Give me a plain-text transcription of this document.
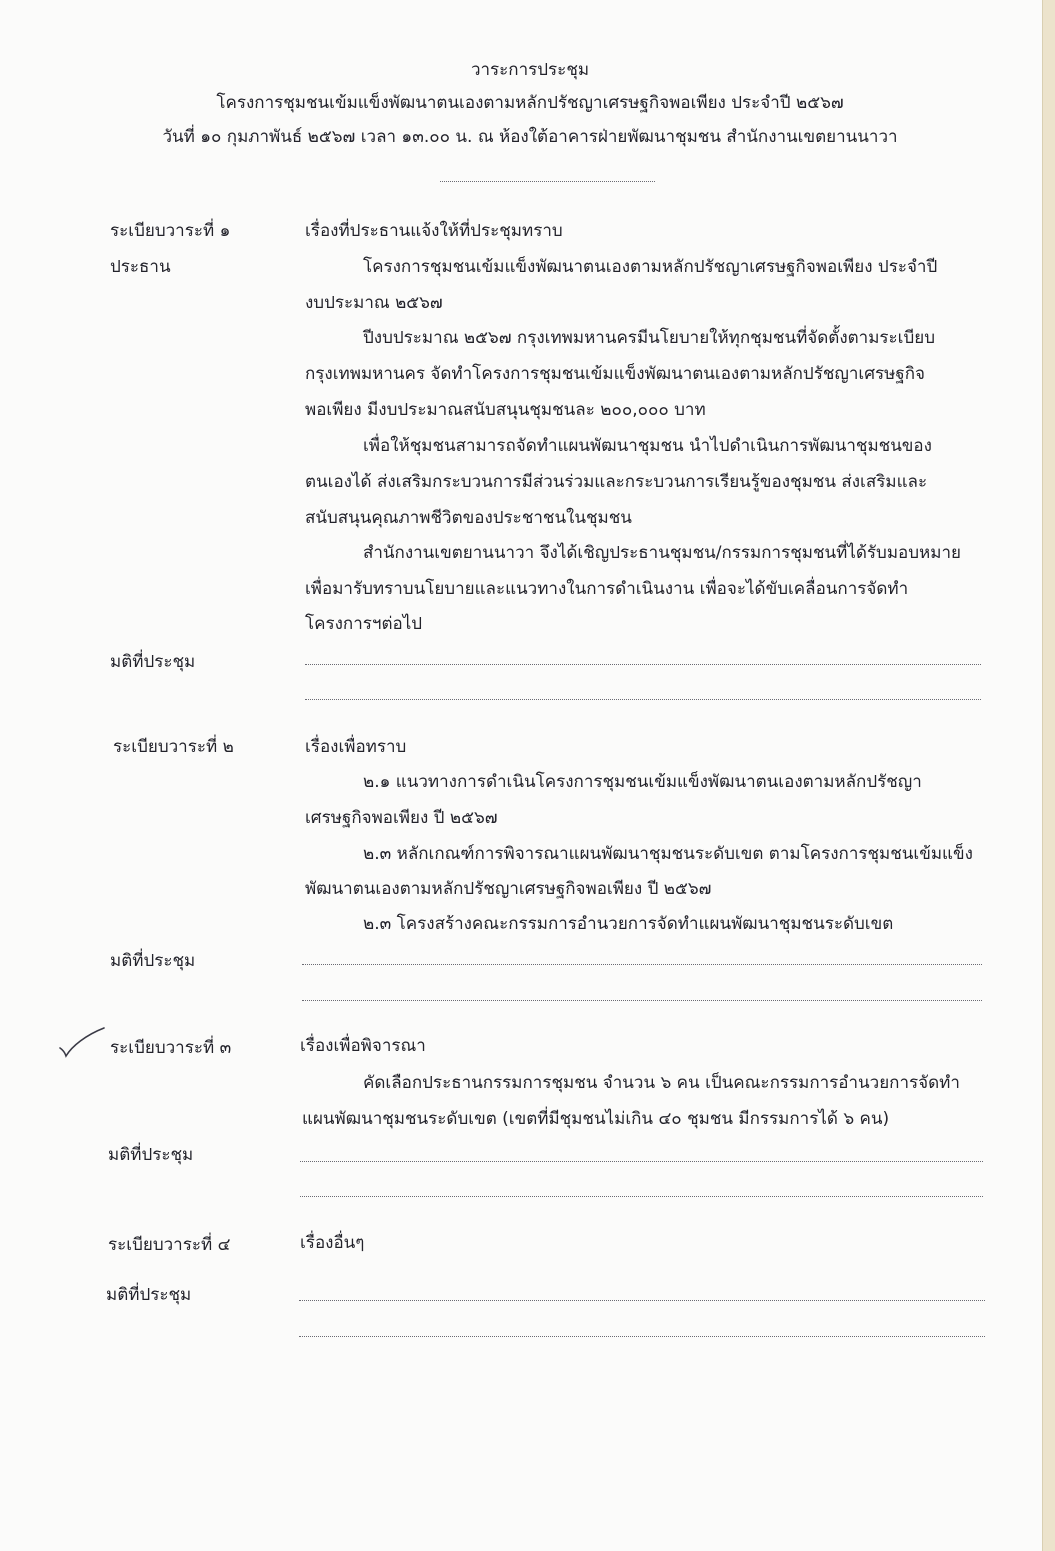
วาระการประชุม
โครงการชุมชนเข้มแข็งพัฒนาตนเองตามหลักปรัชญาเศรษฐกิจพอเพียง ประจำปี ๒๕๖๗
วันที่ ๑๐ กุมภาพันธ์ ๒๕๖๗ เวลา ๑๓.๐๐ น. ณ ห้องใต้อาคารฝ่ายพัฒนาชุมชน สำนักงานเขตยานนาวา
ระเบียบวาระที่ ๑	เรื่องที่ประธานแจ้งให้ที่ประชุมทราบ
ประธาน	โครงการชุมชนเข้มแข็งพัฒนาตนเองตามหลักปรัชญาเศรษฐกิจพอเพียง ประจำปี
งบประมาณ ๒๕๖๗
ปีงบประมาณ ๒๕๖๗ กรุงเทพมหานครมีนโยบายให้ทุกชุมชนที่จัดตั้งตามระเบียบ
กรุงเทพมหานคร จัดทำโครงการชุมชนเข้มแข็งพัฒนาตนเองตามหลักปรัชญาเศรษฐกิจ
พอเพียง มีงบประมาณสนับสนุนชุมชนละ ๒๐๐,๐๐๐ บาท
เพื่อให้ชุมชนสามารถจัดทำแผนพัฒนาชุมชน นำไปดำเนินการพัฒนาชุมชนของ
ตนเองได้ ส่งเสริมกระบวนการมีส่วนร่วมและกระบวนการเรียนรู้ของชุมชน ส่งเสริมและ
สนับสนุนคุณภาพชีวิตของประชาชนในชุมชน
สำนักงานเขตยานนาวา จึงได้เชิญประธานชุมชน/กรรมการชุมชนที่ได้รับมอบหมาย
เพื่อมารับทราบนโยบายและแนวทางในการดำเนินงาน เพื่อจะได้ขับเคลื่อนการจัดทำ
โครงการฯต่อไป
มติที่ประชุม
ระเบียบวาระที่ ๒	เรื่องเพื่อทราบ
๒.๑ แนวทางการดำเนินโครงการชุมชนเข้มแข็งพัฒนาตนเองตามหลักปรัชญา
เศรษฐกิจพอเพียง ปี ๒๕๖๗
๒.๓ หลักเกณฑ์การพิจารณาแผนพัฒนาชุมชนระดับเขต ตามโครงการชุมชนเข้มแข็ง
พัฒนาตนเองตามหลักปรัชญาเศรษฐกิจพอเพียง ปี ๒๕๖๗
๒.๓ โครงสร้างคณะกรรมการอำนวยการจัดทำแผนพัฒนาชุมชนระดับเขต
มติที่ประชุม
ระเบียบวาระที่ ๓	เรื่องเพื่อพิจารณา
คัดเลือกประธานกรรมการชุมชน จำนวน ๖ คน เป็นคณะกรรมการอำนวยการจัดทำ
แผนพัฒนาชุมชนระดับเขต (เขตที่มีชุมชนไม่เกิน ๔๐ ชุมชน มีกรรมการได้ ๖ คน)
มติที่ประชุม
ระเบียบวาระที่ ๔	เรื่องอื่นๆ
มติที่ประชุม
